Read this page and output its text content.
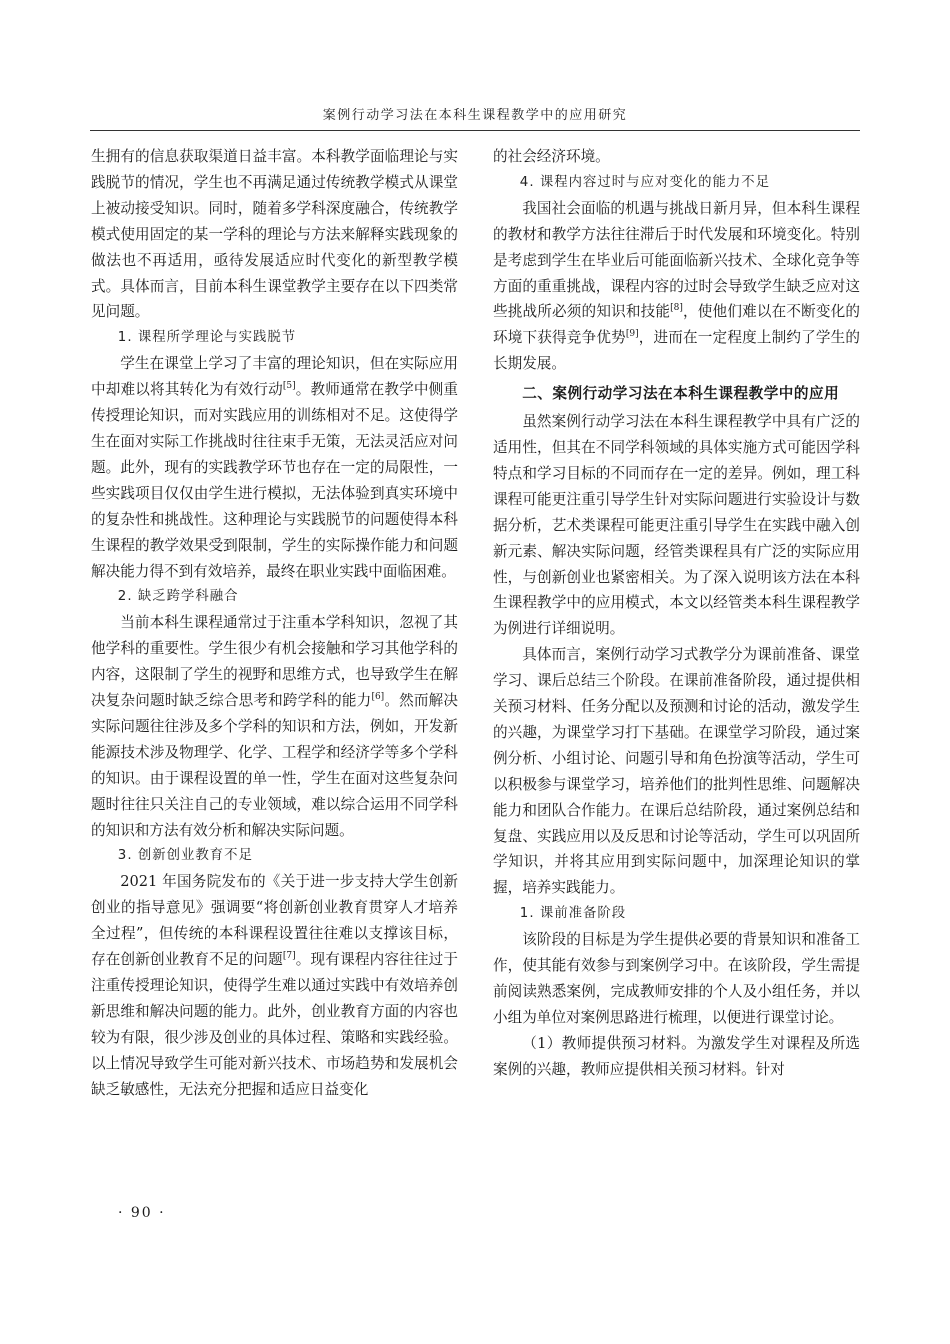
案例行动学习法在本科生课程教学中的应用研究

生拥有的信息获取渠道日益丰富。本科教学面临理论与实践脱节的情况，学生也不再满足通过传统教学模式从课堂上被动接受知识。同时，随着多学科深度融合，传统教学模式使用固定的某一学科的理论与方法来解释实践现象的做法也不再适用，亟待发展适应时代变化的新型教学模式。具体而言，目前本科生课堂教学主要存在以下四类常见问题。

1. 课程所学理论与实践脱节

学生在课堂上学习了丰富的理论知识，但在实际应用中却难以将其转化为有效行动[5]。教师通常在教学中侧重传授理论知识，而对实践应用的训练相对不足。这使得学生在面对实际工作挑战时往往束手无策，无法灵活应对问题。此外，现有的实践教学环节也存在一定的局限性，一些实践项目仅仅由学生进行模拟，无法体验到真实环境中的复杂性和挑战性。这种理论与实践脱节的问题使得本科生课程的教学效果受到限制，学生的实际操作能力和问题解决能力得不到有效培养，最终在职业实践中面临困难。

2. 缺乏跨学科融合

当前本科生课程通常过于注重本学科知识，忽视了其他学科的重要性。学生很少有机会接触和学习其他学科的内容，这限制了学生的视野和思维方式，也导致学生在解决复杂问题时缺乏综合思考和跨学科的能力[6]。然而解决实际问题往往涉及多个学科的知识和方法，例如，开发新能源技术涉及物理学、化学、工程学和经济学等多个学科的知识。由于课程设置的单一性，学生在面对这些复杂问题时往往只关注自己的专业领域，难以综合运用不同学科的知识和方法有效分析和解决实际问题。

3. 创新创业教育不足

2021 年国务院发布的《关于进一步支持大学生创新创业的指导意见》强调要“将创新创业教育贯穿人才培养全过程”，但传统的本科课程设置往往难以支撑该目标，存在创新创业教育不足的问题[7]。现有课程内容往往过于注重传授理论知识，使得学生难以通过实践中有效培养创新思维和解决问题的能力。此外，创业教育方面的内容也较为有限，很少涉及创业的具体过程、策略和实践经验。以上情况导致学生可能对新兴技术、市场趋势和发展机会缺乏敏感性，无法充分把握和适应日益变化

的社会经济环境。

4. 课程内容过时与应对变化的能力不足

我国社会面临的机遇与挑战日新月异，但本科生课程的教材和教学方法往往滞后于时代发展和环境变化。特别是考虑到学生在毕业后可能面临新兴技术、全球化竞争等方面的重重挑战，课程内容的过时会导致学生缺乏应对这些挑战所必须的知识和技能[8]，使他们难以在不断变化的环境下获得竞争优势[9]，进而在一定程度上制约了学生的长期发展。

二、案例行动学习法在本科生课程教学中的应用

虽然案例行动学习法在本科生课程教学中具有广泛的适用性，但其在不同学科领域的具体实施方式可能因学科特点和学习目标的不同而存在一定的差异。例如，理工科课程可能更注重引导学生针对实际问题进行实验设计与数据分析，艺术类课程可能更注重引导学生在实践中融入创新元素、解决实际问题，经管类课程具有广泛的实际应用性，与创新创业也紧密相关。为了深入说明该方法在本科生课程教学中的应用模式，本文以经管类本科生课程教学为例进行详细说明。

具体而言，案例行动学习式教学分为课前准备、课堂学习、课后总结三个阶段。在课前准备阶段，通过提供相关预习材料、任务分配以及预测和讨论的活动，激发学生的兴趣，为课堂学习打下基础。在课堂学习阶段，通过案例分析、小组讨论、问题引导和角色扮演等活动，学生可以积极参与课堂学习，培养他们的批判性思维、问题解决能力和团队合作能力。在课后总结阶段，通过案例总结和复盘、实践应用以及反思和讨论等活动，学生可以巩固所学知识，并将其应用到实际问题中，加深理论知识的掌握，培养实践能力。

1. 课前准备阶段

该阶段的目标是为学生提供必要的背景知识和准备工作，使其能有效参与到案例学习中。在该阶段，学生需提前阅读熟悉案例，完成教师安排的个人及小组任务，并以小组为单位对案例思路进行梳理，以便进行课堂讨论。

（1）教师提供预习材料。为激发学生对课程及所选案例的兴趣，教师应提供相关预习材料。针对

· 90 ·
